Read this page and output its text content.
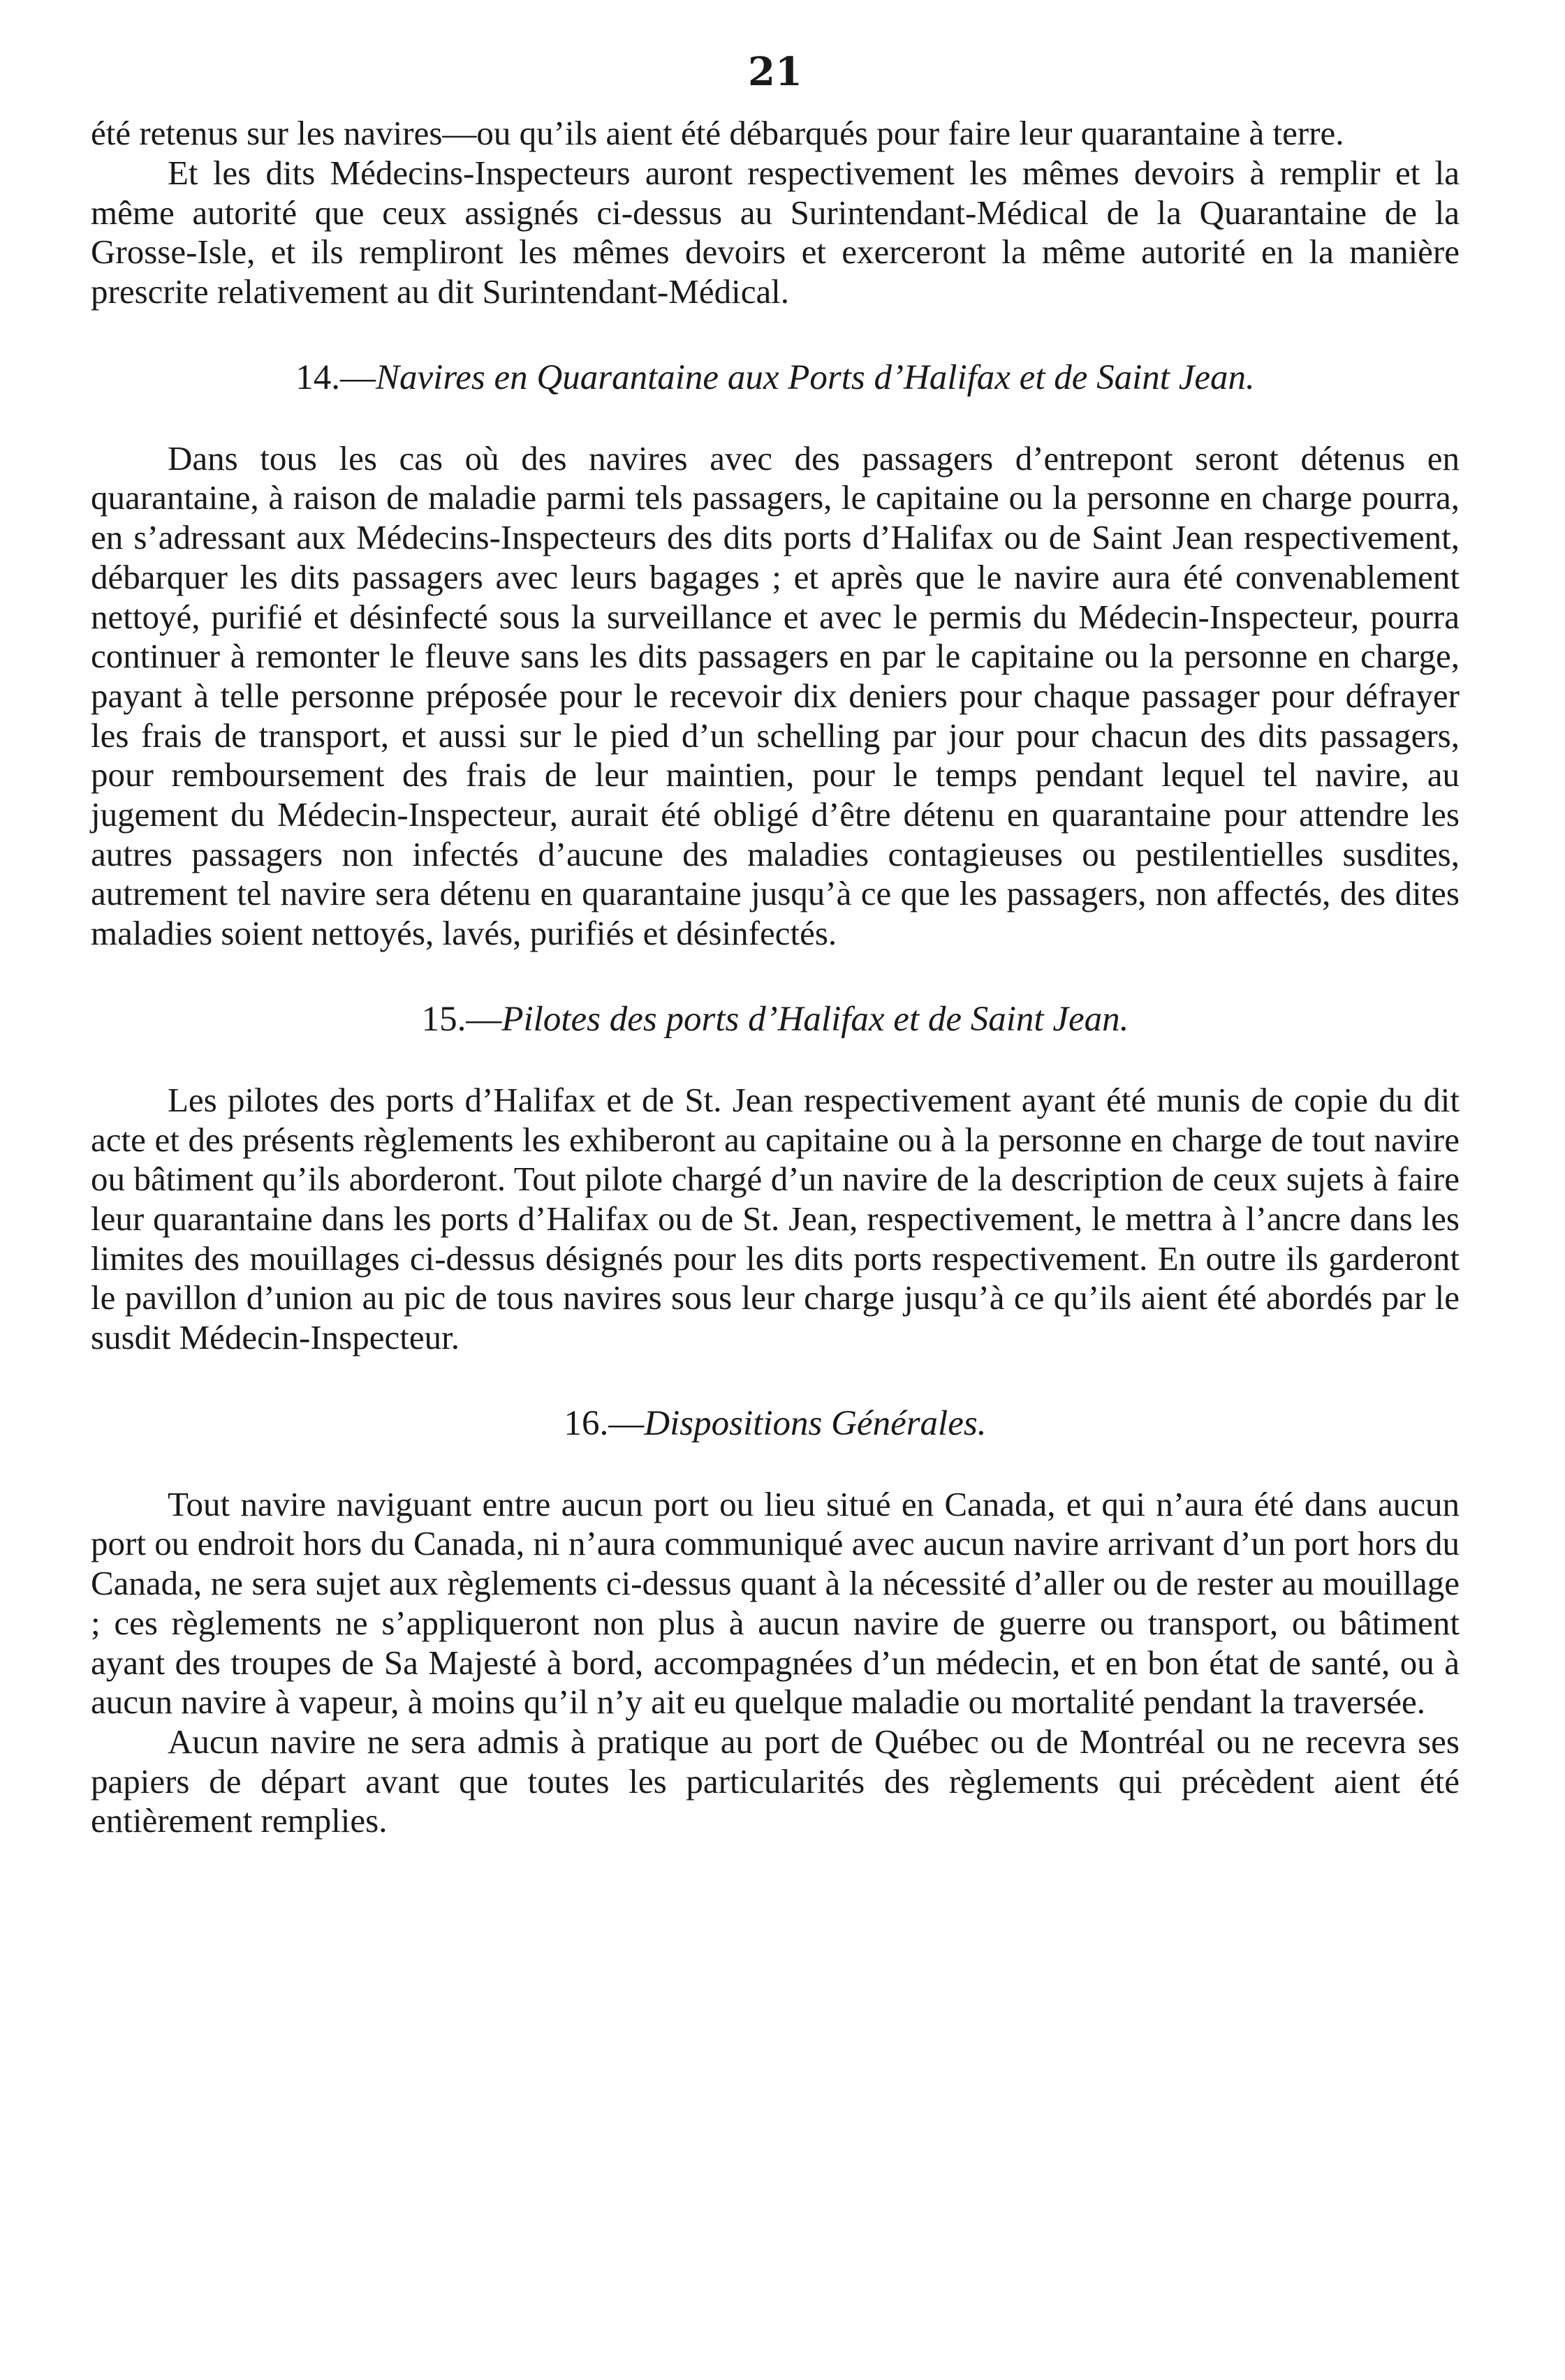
21

été retenus sur les navires—ou qu’ils aient été débarqués pour faire leur quarantaine à terre.

Et les dits Médecins-Inspecteurs auront respectivement les mêmes devoirs à remplir et la même autorité que ceux assignés ci-dessus au Surintendant-Médical de la Quarantaine de la Grosse-Isle, et ils rempliront les mêmes devoirs et exerceront la même autorité en la manière prescrite relativement au dit Surintendant-Médical.

14.—Navires en Quarantaine aux Ports d’Halifax et de Saint Jean.

Dans tous les cas où des navires avec des passagers d’entrepont seront détenus en quarantaine, à raison de maladie parmi tels passagers, le capitaine ou la personne en charge pourra, en s’adressant aux Médecins-Inspecteurs des dits ports d’Halifax ou de Saint Jean respectivement, débarquer les dits passagers avec leurs bagages ; et après que le navire aura été convenablement nettoyé, purifié et désinfecté sous la surveillance et avec le permis du Médecin-Inspecteur, pourra continuer à remonter le fleuve sans les dits passagers en par le capitaine ou la personne en charge, payant à telle personne préposée pour le recevoir dix deniers pour chaque passager pour défrayer les frais de transport, et aussi sur le pied d’un schelling par jour pour chacun des dits passagers, pour remboursement des frais de leur maintien, pour le temps pendant lequel tel navire, au jugement du Médecin-Inspecteur, aurait été obligé d’être détenu en quarantaine pour attendre les autres passagers non infectés d’aucune des maladies contagieuses ou pestilentielles susdites, autrement tel navire sera détenu en quarantaine jusqu’à ce que les passagers, non affectés, des dites maladies soient nettoyés, lavés, purifiés et désinfectés.

15.—Pilotes des ports d’Halifax et de Saint Jean.

Les pilotes des ports d’Halifax et de St. Jean respectivement ayant été munis de copie du dit acte et des présents règlements les exhiberont au capitaine ou à la personne en charge de tout navire ou bâtiment qu’ils aborderont. Tout pilote chargé d’un navire de la description de ceux sujets à faire leur quarantaine dans les ports d’Halifax ou de St. Jean, respectivement, le mettra à l’ancre dans les limites des mouillages ci-dessus désignés pour les dits ports respectivement. En outre ils garderont le pavillon d’union au pic de tous navires sous leur charge jusqu’à ce qu’ils aient été abordés par le susdit Médecin-Inspecteur.

16.—Dispositions Générales.

Tout navire naviguant entre aucun port ou lieu situé en Canada, et qui n’aura été dans aucun port ou endroit hors du Canada, ni n’aura communiqué avec aucun navire arrivant d’un port hors du Canada, ne sera sujet aux règlements ci-dessus quant à la nécessité d’aller ou de rester au mouillage ; ces règlements ne s’appliqueront non plus à aucun navire de guerre ou transport, ou bâtiment ayant des troupes de Sa Majesté à bord, accompagnées d’un médecin, et en bon état de santé, ou à aucun navire à vapeur, à moins qu’il n’y ait eu quelque maladie ou mortalité pendant la traversée.

Aucun navire ne sera admis à pratique au port de Québec ou de Montréal ou ne recevra ses papiers de départ avant que toutes les particularités des règlements qui précèdent aient été entièrement remplies.
